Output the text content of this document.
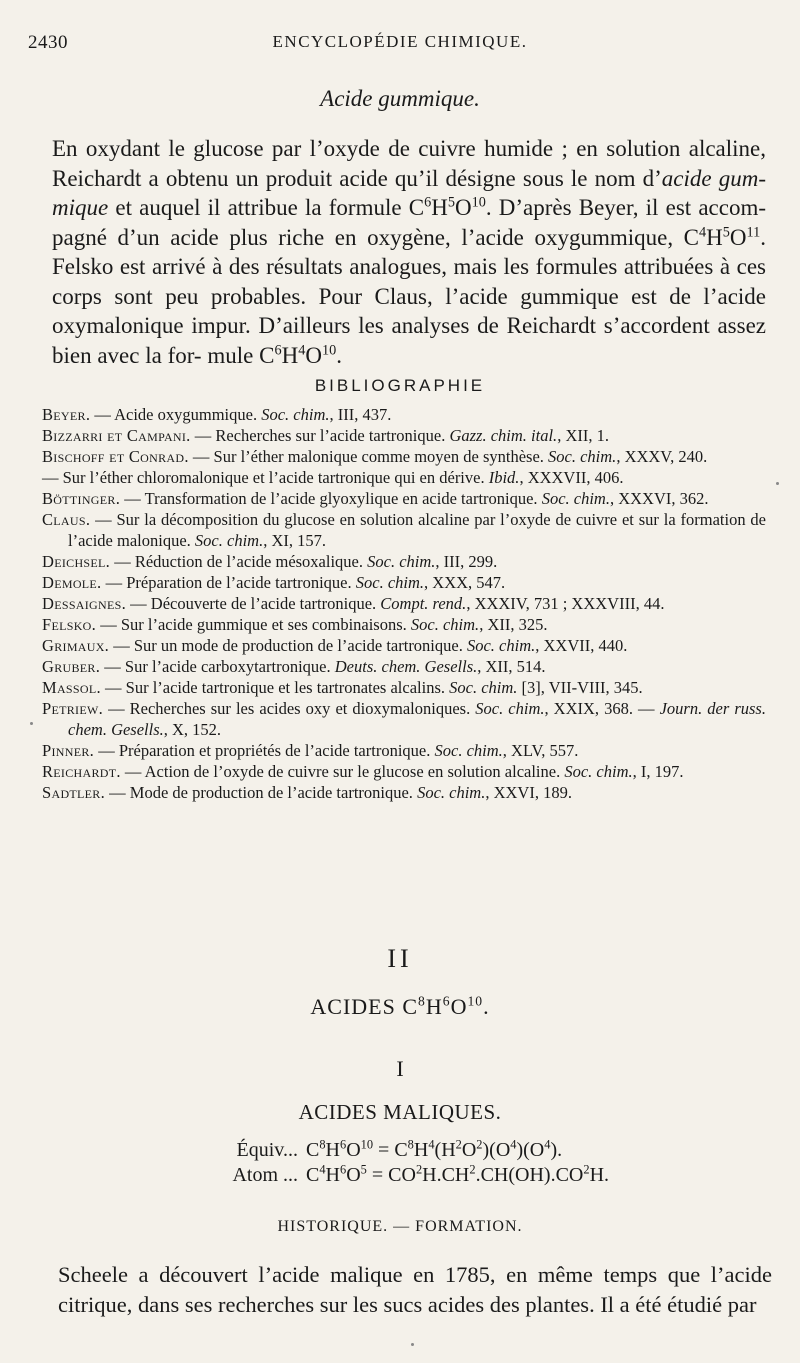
2430	ENCYCLOPÉDIE CHIMIQUE.
Acide gummique.

En oxydant le glucose par l’oxyde de cuivre humide ; en solution alcaline, Reichardt a obtenu un produit acide qu’il désigne sous le nom d’acide gum- mique et auquel il attribue la formule $C^6H^5O^{10}$. D’après Beyer, il est accom- pagné d’un acide plus riche en oxygène, l’acide oxygummique, $C^4H^5O^{11}$. Felsko est arrivé à des résultats analogues, mais les formules attribuées à ces corps sont peu probables. Pour Claus, l’acide gummique est de l’acide oxymalonique impur. D’ailleurs les analyses de Reichardt s’accordent assez bien avec la for- mule $C^6H^4O^{10}$.

BIBLIOGRAPHIE

Beyer. — Acide oxygummique. Soc. chim., III, 437.

Bizzarri et Campani. — Recherches sur l’acide tartronique. Gazz. chim. ital., XII, 1.

Bischoff et Conrad. — Sur l’éther malonique comme moyen de synthèse. Soc. chim., XXXV, 240.

— Sur l’éther chloromalonique et l’acide tartronique qui en dérive. Ibid., XXXVII, 406.

Böttinger. — Transformation de l’acide glyoxylique en acide tartronique. Soc. chim., XXXVI, 362.

Claus. — Sur la décomposition du glucose en solution alcaline par l’oxyde de cuivre et sur la formation de l’acide malonique. Soc. chim., XI, 157.

Deichsel. — Réduction de l’acide mésoxalique. Soc. chim., III, 299.

Demole. — Préparation de l’acide tartronique. Soc. chim., XXX, 547.

Dessaignes. — Découverte de l’acide tartronique. Compt. rend., XXXIV, 731 ; XXXVIII, 44.

Felsko. — Sur l’acide gummique et ses combinaisons. Soc. chim., XII, 325.

Grimaux. — Sur un mode de production de l’acide tartronique. Soc. chim., XXVII, 440.

Gruber. — Sur l’acide carboxytartronique. Deuts. chem. Gesells., XII, 514.

Massol. — Sur l’acide tartronique et les tartronates alcalins. Soc. chim. [3], VII-VIII, 345.

Petriew. — Recherches sur les acides oxy et dioxymaloniques. Soc. chim., XXIX, 368. — Journ. der russ. chem. Gesells., X, 152.

Pinner. — Préparation et propriétés de l’acide tartronique. Soc. chim., XLV, 557.

Reichardt. — Action de l’oxyde de cuivre sur le glucose en solution alcaline. Soc. chim., I, 197.

Sadtler. — Mode de production de l’acide tartronique. Soc. chim., XXVI, 189.

II
ACIDES $C^8H^6O^{10}$.
I
ACIDES MALIQUES.
Équiv... $C^8H^6O^{10} = C^8H^4(H^2O^2)(O^4)(O^4)$.
Atom ... $C^4H^6O^5 = CO^2H.CH^2.CH(OH).CO^2H$.
HISTORIQUE. — FORMATION.

Scheele a découvert l’acide malique en 1785, en même temps que l’acide citrique, dans ses recherches sur les sucs acides des plantes. Il a été étudié par
